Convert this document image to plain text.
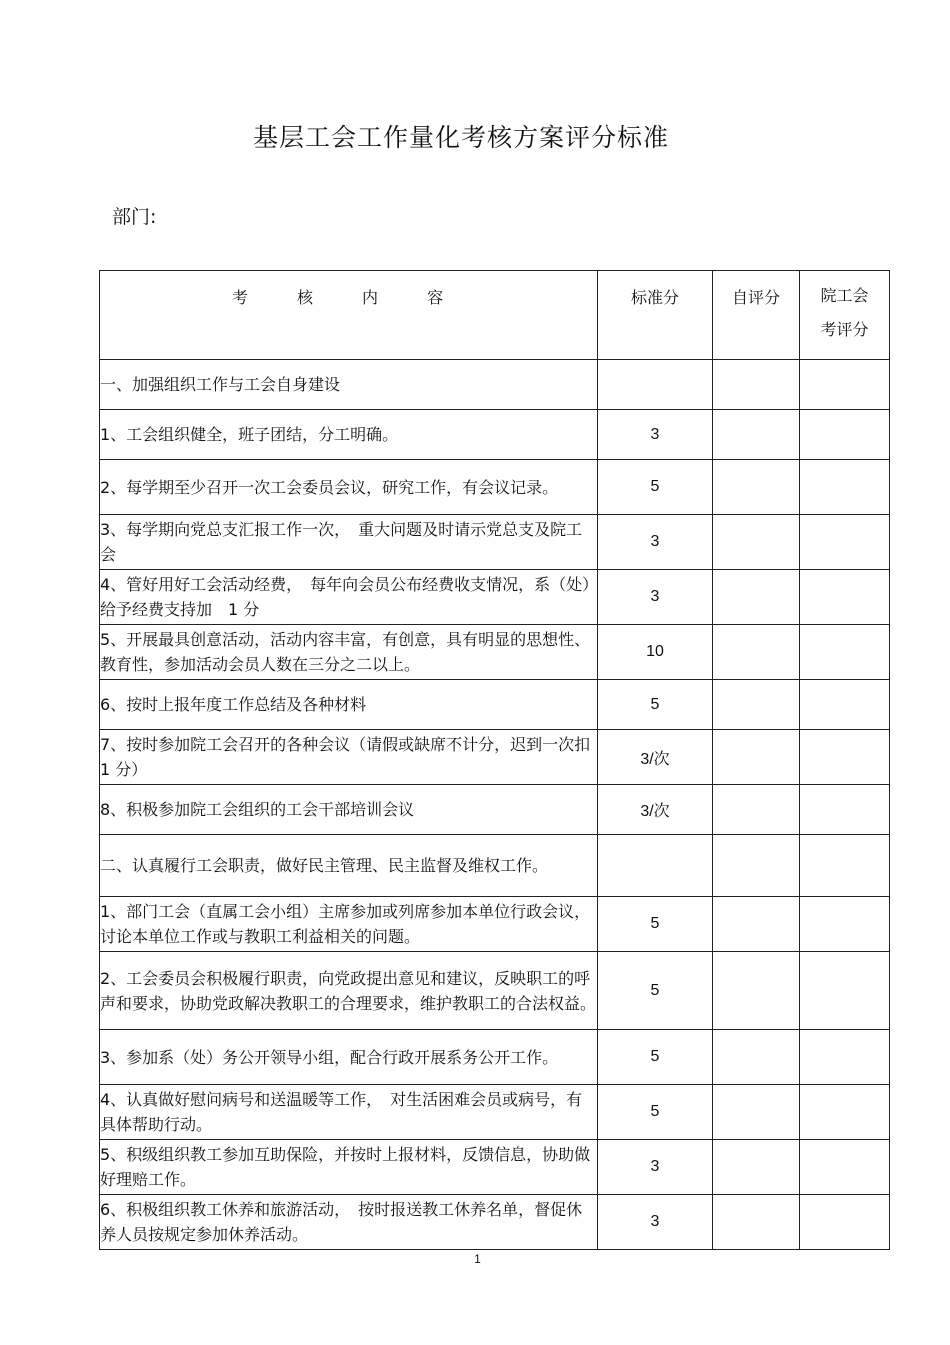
基层工会工作量化考核方案评分标准
部门:
考 核 内 容	标准分	自评分	院工会
考评分

一、加强组织工作与工会自身建设			
1、工会组织健全，班子团结，分工明确。	3		
2、每学期至少召开一次工会委员会议，研究工作，有会议记录。	5		
3、每学期向党总支汇报工作一次，　重大问题及时请示党总支及院工会	3		
4、管好用好工会活动经费，　每年向会员公布经费收支情况，系（处）给予经费支持加　1 分	3		
5、开展最具创意活动，活动内容丰富，有创意，具有明显的思想性、教育性，参加活动会员人数在三分之二以上。	10		
6、按时上报年度工作总结及各种材料	5		
7、按时参加院工会召开的各种会议（请假或缺席不计分，迟到一次扣　1 分）	3/次		
8、积极参加院工会组织的工会干部培训会议	3/次		
二、认真履行工会职责，做好民主管理、民主监督及维权工作。			
1、部门工会（直属工会小组）主席参加或列席参加本单位行政会议，讨论本单位工作或与教职工利益相关的问题。	5		
2、工会委员会积极履行职责，向党政提出意见和建议，反映职工的呼声和要求，协助党政解决教职工的合理要求，维护教职工的合法权益。	5		
3、参加系（处）务公开领导小组，配合行政开展系务公开工作。	5		
4、认真做好慰问病号和送温暖等工作，　对生活困难会员或病号，有具体帮助行动。	5		
5、积级组织教工参加互助保险，并按时上报材料，反馈信息，协助做好理赔工作。	3		
6、积极组织教工休养和旅游活动，　按时报送教工休养名单，督促休养人员按规定参加休养活动。	3		
1
